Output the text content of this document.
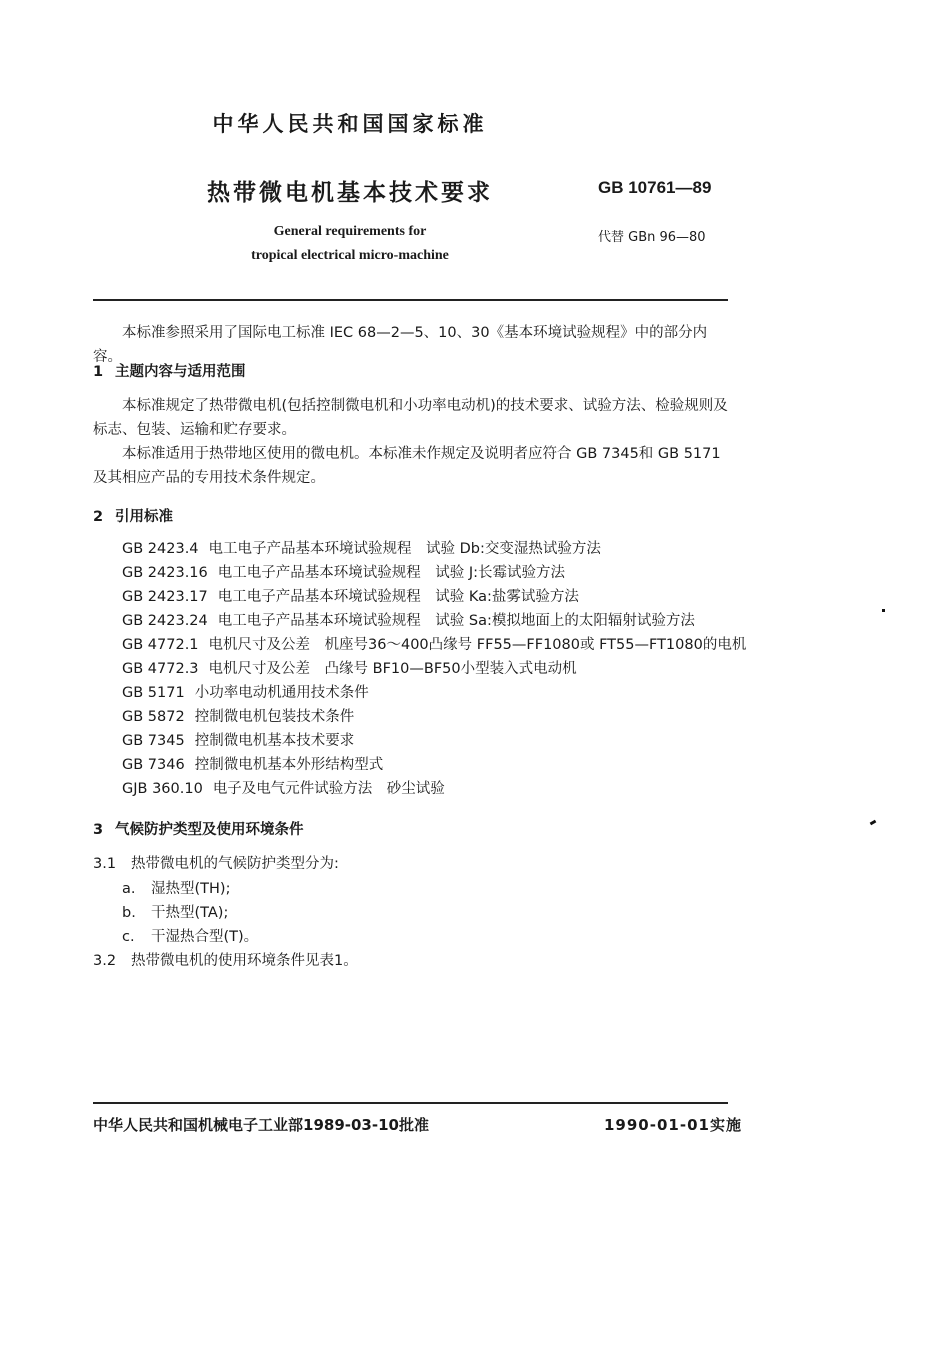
中华人民共和国国家标准
热带微电机基本技术要求	GB 10761—89
General requirements for
tropical electrical micro-machine
代替 GBn 96—80
本标准参照采用了国际电工标准 IEC 68—2—5、10、30《基本环境试验规程》中的部分内容。
1 主题内容与适用范围
本标准规定了热带微电机(包括控制微电机和小功率电动机)的技术要求、试验方法、检验规则及标志、包装、运输和贮存要求。
本标准适用于热带地区使用的微电机。本标准未作规定及说明者应符合 GB 7345和 GB 5171及其相应产品的专用技术条件规定。
2 引用标准
GB 2423.4 电工电子产品基本环境试验规程　试验 Db:交变湿热试验方法
GB 2423.16 电工电子产品基本环境试验规程　试验 J:长霉试验方法
GB 2423.17 电工电子产品基本环境试验规程　试验 Ka:盐雾试验方法
GB 2423.24 电工电子产品基本环境试验规程　试验 Sa:模拟地面上的太阳辐射试验方法
GB 4772.1 电机尺寸及公差　机座号36～400凸缘号 FF55—FF1080或 FT55—FT1080的电机
GB 4772.3 电机尺寸及公差　凸缘号 BF10—BF50小型装入式电动机
GB 5171 小功率电动机通用技术条件
GB 5872 控制微电机包装技术条件
GB 7345 控制微电机基本技术要求
GB 7346 控制微电机基本外形结构型式
GJB 360.10 电子及电气元件试验方法　砂尘试验
3 气候防护类型及使用环境条件
3.1 热带微电机的气候防护类型分为:
a. 湿热型(TH);
b. 干热型(TA);
c. 干湿热合型(T)。
3.2 热带微电机的使用环境条件见表1。
中华人民共和国机械电子工业部1989-03-10批准	1990-01-01实施
